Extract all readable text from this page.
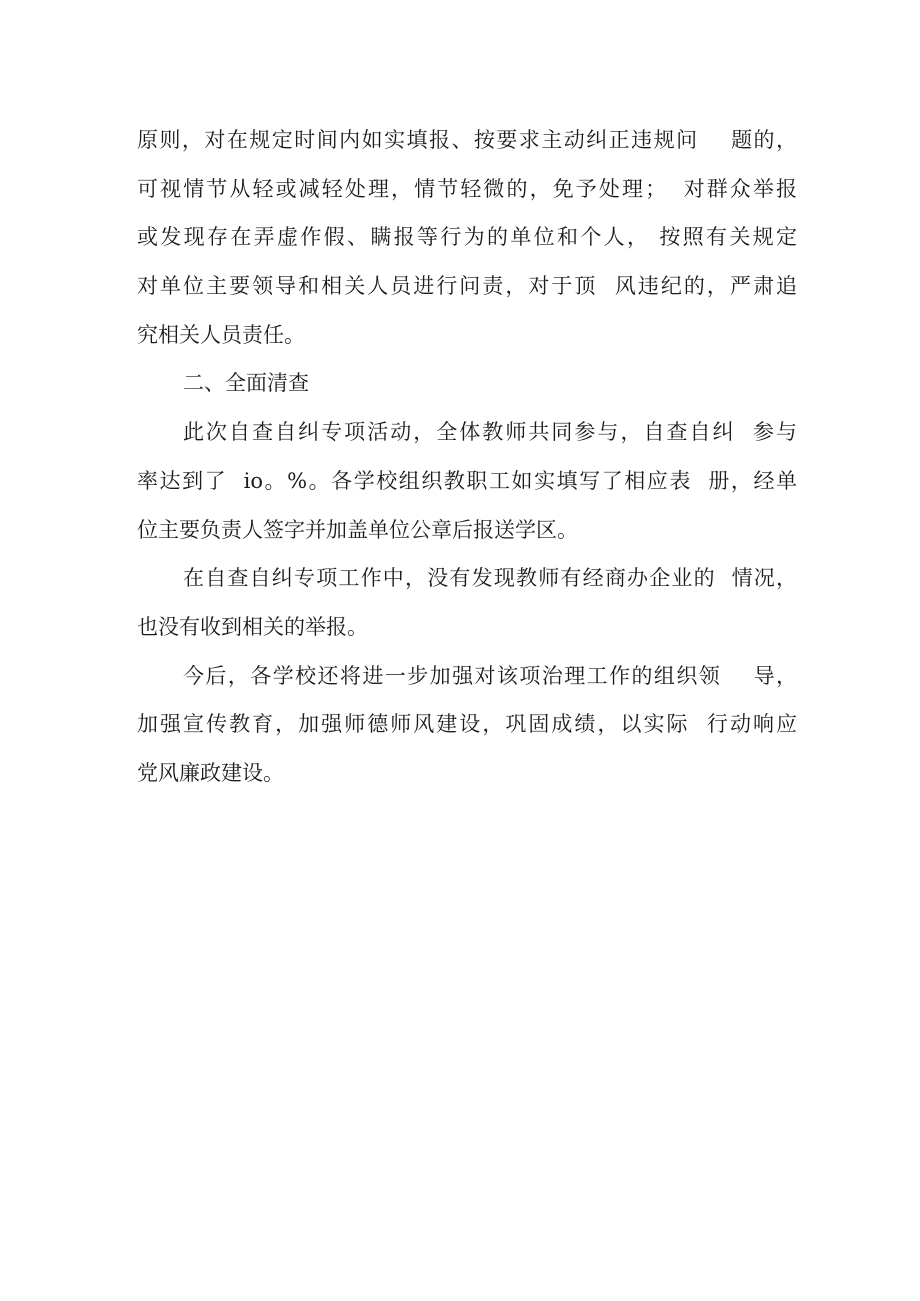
原则，对在规定时间内如实填报、按要求主动纠正违规问    题的，
可视情节从轻或减轻处理，情节轻微的，免予处理；  对群众举报
或发现存在弄虚作假、瞒报等行为的单位和个人， 按照有关规定
对单位主要领导和相关人员进行问责，对于顶  风违纪的，严肃追
究相关人员责任。
二、全面清查
此次自查自纠专项活动，全体教师共同参与，自查自纠  参与
率达到了  io。%。各学校组织教职工如实填写了相应表  册，经单
位主要负责人签字并加盖单位公章后报送学区。
在自查自纠专项工作中，没有发现教师有经商办企业的  情况，
也没有收到相关的举报。
今后，各学校还将进一步加强对该项治理工作的组织领    导，
加强宣传教育，加强师德师风建设，巩固成绩，以实际  行动响应
党风廉政建设。
